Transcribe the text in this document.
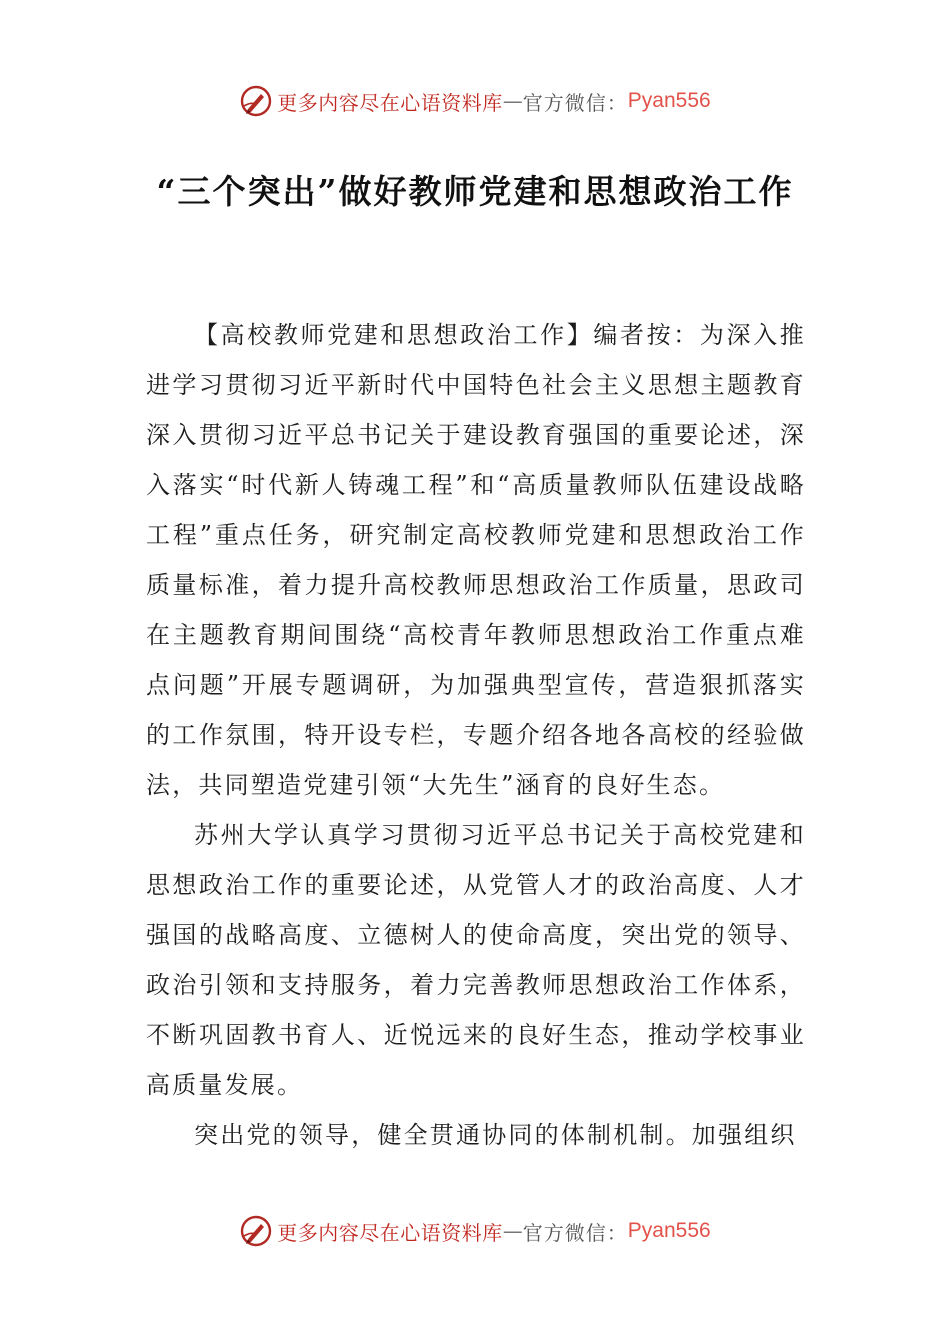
更多内容尽在心语资料库 — 官方微信： Pyan556
“三个突出”做好教师党建和思想政治工作

【高校教师党建和思想政治工作】编者按：为深入推进学习贯彻习近平新时代中国特色社会主义思想主题教育深入贯彻习近平总书记关于建设教育强国的重要论述，深入落实“时代新人铸魂工程”和“高质量教师队伍建设战略工程”重点任务，研究制定高校教师党建和思想政治工作质量标准，着力提升高校教师思想政治工作质量，思政司在主题教育期间围绕“高校青年教师思想政治工作重点难点问题”开展专题调研，为加强典型宣传，营造狠抓落实的工作氛围，特开设专栏，专题介绍各地各高校的经验做法，共同塑造党建引领“大先生”涵育的良好生态。

苏州大学认真学习贯彻习近平总书记关于高校党建和思想政治工作的重要论述，从党管人才的政治高度、人才强国的战略高度、立德树人的使命高度，突出党的领导、政治引领和支持服务，着力完善教师思想政治工作体系，不断巩固教书育人、近悦远来的良好生态，推动学校事业高质量发展。

突出党的领导，健全贯通协同的体制机制。加强组织

更多内容尽在心语资料库 — 官方微信： Pyan556
